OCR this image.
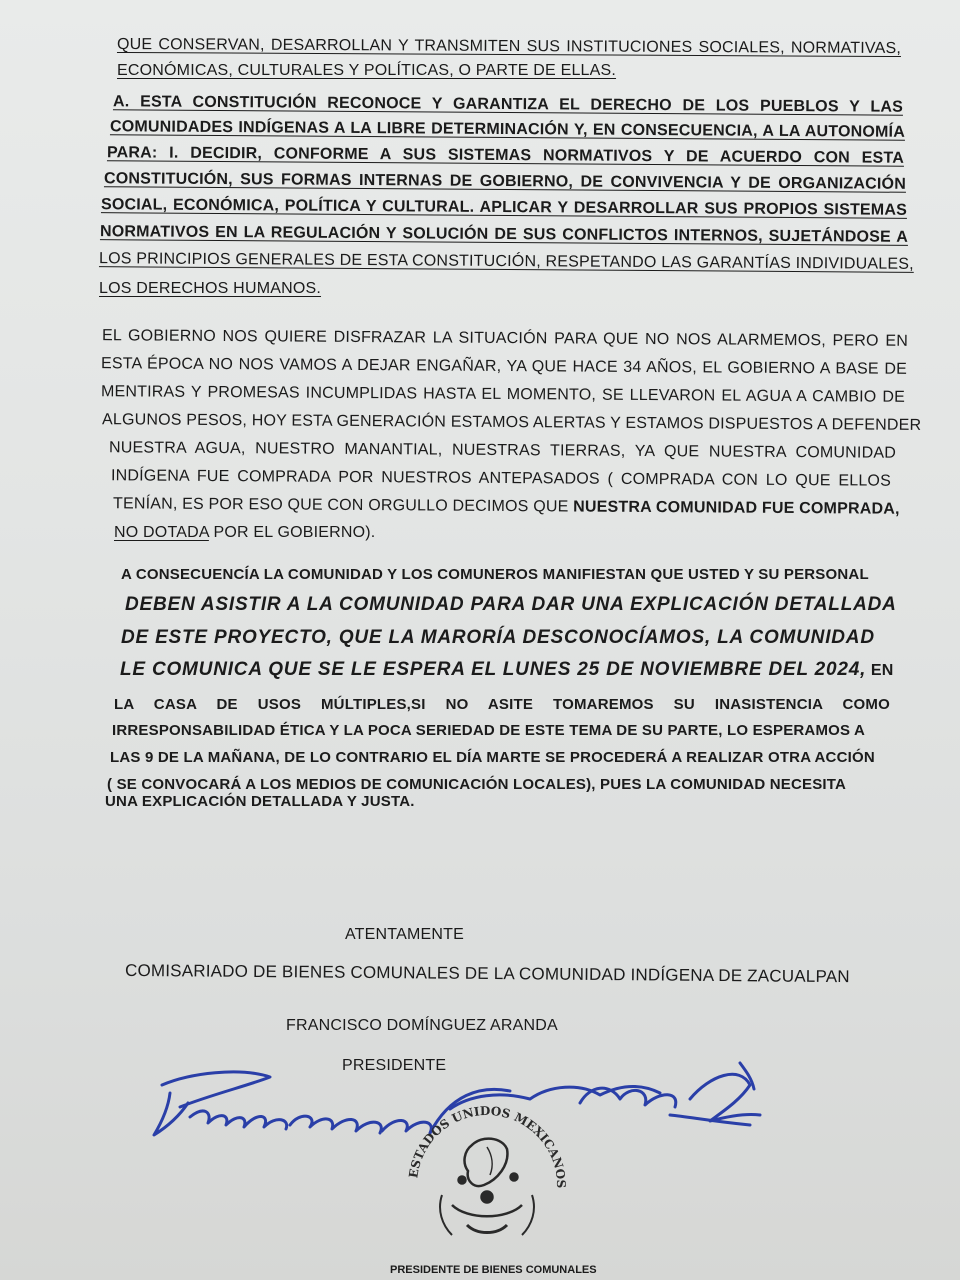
QUE CONSERVAN, DESARROLLAN Y TRANSMITEN SUS INSTITUCIONES SOCIALES, NORMATIVAS,
ECONÓMICAS, CULTURALES Y POLÍTICAS, O PARTE DE ELLAS.
A. ESTA CONSTITUCIÓN RECONOCE Y GARANTIZA EL DERECHO DE LOS PUEBLOS Y LAS
COMUNIDADES INDÍGENAS A LA LIBRE DETERMINACIÓN Y, EN CONSECUENCIA, A LA AUTONOMÍA
PARA: I. DECIDIR, CONFORME A SUS SISTEMAS NORMATIVOS Y DE ACUERDO CON ESTA
CONSTITUCIÓN, SUS FORMAS INTERNAS DE GOBIERNO, DE CONVIVENCIA Y DE ORGANIZACIÓN
SOCIAL, ECONÓMICA, POLÍTICA Y CULTURAL. APLICAR Y DESARROLLAR SUS PROPIOS SISTEMAS
NORMATIVOS EN LA REGULACIÓN Y SOLUCIÓN DE SUS CONFLICTOS INTERNOS, SUJETÁNDOSE A
LOS PRINCIPIOS GENERALES DE ESTA CONSTITUCIÓN, RESPETANDO LAS GARANTÍAS INDIVIDUALES,
LOS DERECHOS HUMANOS.
EL GOBIERNO NOS QUIERE DISFRAZAR LA SITUACIÓN PARA QUE NO NOS ALARMEMOS, PERO EN
ESTA ÉPOCA NO NOS VAMOS A DEJAR ENGAÑAR, YA QUE HACE 34 AÑOS, EL GOBIERNO A BASE DE
MENTIRAS Y PROMESAS INCUMPLIDAS HASTA EL MOMENTO, SE LLEVARON EL AGUA A CAMBIO DE
ALGUNOS PESOS, HOY ESTA GENERACIÓN ESTAMOS ALERTAS Y ESTAMOS DISPUESTOS A DEFENDER
NUESTRA AGUA, NUESTRO MANANTIAL, NUESTRAS TIERRAS, YA QUE NUESTRA COMUNIDAD
INDÍGENA FUE COMPRADA POR NUESTROS ANTEPASADOS ( COMPRADA CON LO QUE ELLOS
TENÍAN, ES POR ESO QUE CON ORGULLO DECIMOS QUE NUESTRA COMUNIDAD FUE COMPRADA,
NO DOTADA POR EL GOBIERNO).
A CONSECUENCÍA LA COMUNIDAD Y LOS COMUNEROS MANIFIESTAN QUE USTED Y SU PERSONAL
DEBEN ASISTIR A LA COMUNIDAD PARA DAR UNA EXPLICACIÓN DETALLADA
DE ESTE PROYECTO, QUE LA MARORÍA DESCONOCÍAMOS, LA COMUNIDAD
LE COMUNICA QUE SE LE ESPERA EL LUNES 25 DE NOVIEMBRE DEL 2024, EN
LA CASA DE USOS MÚLTIPLES,SI NO ASITE TOMAREMOS SU INASISTENCIA COMO
IRRESPONSABILIDAD ÉTICA Y LA POCA SERIEDAD DE ESTE TEMA DE SU PARTE, LO ESPERAMOS A
LAS 9 DE LA MAÑANA, DE LO CONTRARIO EL DÍA MARTE SE PROCEDERÁ A REALIZAR OTRA ACCIÓN
( SE CONVOCARÁ A LOS MEDIOS DE COMUNICACIÓN LOCALES), PUES LA COMUNIDAD NECESITA
UNA EXPLICACIÓN DETALLADA Y JUSTA.
ATENTAMENTE
COMISARIADO DE BIENES COMUNALES DE LA COMUNIDAD INDÍGENA DE ZACUALPAN
FRANCISCO DOMÍNGUEZ ARANDA
PRESIDENTE
ESTADOS UNIDOS MEXICANOS
PRESIDENTE DE BIENES COMUNALES
